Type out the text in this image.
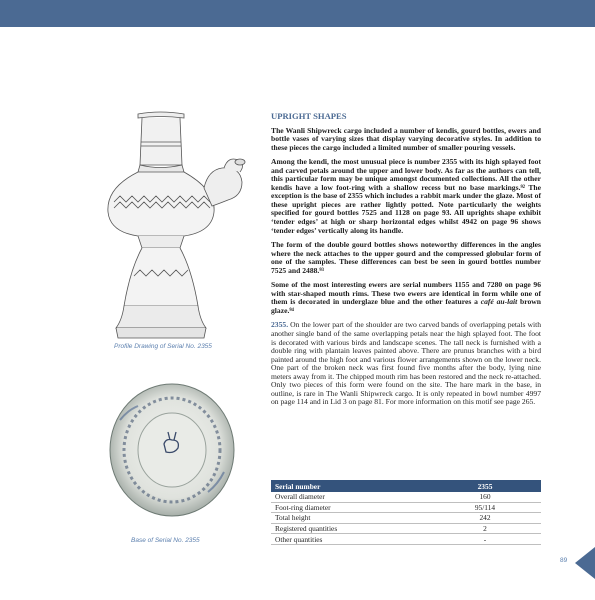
Profile Drawing of Serial No. 2355
Base of Serial No. 2355
UPRIGHT SHAPES

The Wanli Shipwreck cargo included a number of kendis, gourd bottles, ewers and bottle vases of varying sizes that display varying decorative styles. In addition to these pieces the cargo included a limited number of smaller pouring vessels.

Among the kendi, the most unusual piece is number 2355 with its high splayed foot and carved petals around the upper and lower body. As far as the authors can tell, this particular form may be unique amongst documented collections. All the other kendis have a low foot-ring with a shallow recess but no base markings.⁹² The exception is the base of 2355 which includes a rabbit mark under the glaze. Most of these upright pieces are rather lightly potted. Note particularly the weights specified for gourd bottles 7525 and 1128 on page 93. All uprights shape exhibit ‘tender edges’ at high or sharp horizontal edges whilst 4942 on page 96 shows ‘tender edges’ vertically along its handle.

The form of the double gourd bottles shows noteworthy differences in the angles where the neck attaches to the upper gourd and the compressed globular form of one of the samples. These differences can best be seen in gourd bottles number 7525 and 2488.⁹³

Some of the most interesting ewers are serial numbers 1155 and 7280 on page 96 with star-shaped mouth rims. These two ewers are identical in form while one of them is decorated in underglaze blue and the other features a café au-lait brown glaze.⁹⁴

2355. On the lower part of the shoulder are two carved bands of overlapping petals with another single band of the same overlapping petals near the high splayed foot. The foot is decorated with various birds and landscape scenes. The tall neck is furnished with a double ring with plantain leaves painted above. There are prunus branches with a bird painted around the high foot and various flower arrangements shown on the lower neck. One part of the broken neck was first found five months after the body, lying nine meters away from it. The chipped mouth rim has been restored and the neck re-attached. Only two pieces of this form were found on the site. The hare mark in the base, in outline, is rare in The Wanli Shipwreck cargo. It is only repeated in bowl number 4997 on page 114 and in Lid 3 on page 81. For more information on this motif see page 265.

Serial number	2355
Overall diameter	160
Foot-ring diameter	95/114
Total height	242
Registered quantities	2
Other quantities	-
89
